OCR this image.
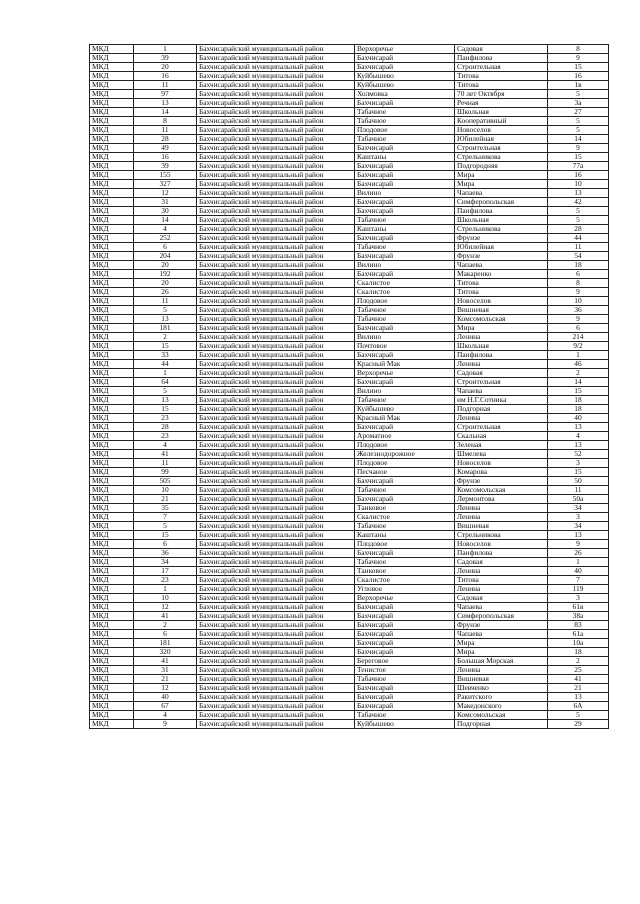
МКД	1	Бахчисарайский муниципальный район	Верхоречье	Садовая	8
МКД	39	Бахчисарайский муниципальный район	Бахчисарай	Панфилова	9
МКД	20	Бахчисарайский муниципальный район	Бахчисарай	Строительная	15
МКД	16	Бахчисарайский муниципальный район	Куйбышево	Титова	16
МКД	11	Бахчисарайский муниципальный район	Куйбышево	Титова	1в
МКД	97	Бахчисарайский муниципальный район	Холмовка	70 лет Октября	5
МКД	13	Бахчисарайский муниципальный район	Бахчисарай	Речная	3а
МКД	14	Бахчисарайский муниципальный район	Табачное	Школьная	27
МКД	8	Бахчисарайский муниципальный район	Табачное	Кооперативный	5
МКД	11	Бахчисарайский муниципальный район	Плодовое	Новоселов	5
МКД	28	Бахчисарайский муниципальный район	Табачное	Юбилейная	14
МКД	49	Бахчисарайский муниципальный район	Бахчисарай	Строительная	9
МКД	16	Бахчисарайский муниципальный район	Каштаны	Стрельникова	15
МКД	39	Бахчисарайский муниципальный район	Бахчисарай	Подгородняя	77а
МКД	155	Бахчисарайский муниципальный район	Бахчисарай	Мира	16
МКД	327	Бахчисарайский муниципальный район	Бахчисарай	Мира	10
МКД	12	Бахчисарайский муниципальный район	Вилино	Чапаева	13
МКД	31	Бахчисарайский муниципальный район	Бахчисарай	Симферопольская	42
МКД	30	Бахчисарайский муниципальный район	Бахчисарай	Панфилова	5
МКД	14	Бахчисарайский муниципальный район	Табачное	Школьная	5
МКД	4	Бахчисарайский муниципальный район	Каштаны	Стрельникова	28
МКД	252	Бахчисарайский муниципальный район	Бахчисарай	Фрунзе	44
МКД	6	Бахчисарайский муниципальный район	Табачное	Юбилейная	11
МКД	204	Бахчисарайский муниципальный район	Бахчисарай	Фрунзе	54
МКД	20	Бахчисарайский муниципальный район	Вилино	Чапаева	18
МКД	192	Бахчисарайский муниципальный район	Бахчисарай	Макаренко	6
МКД	20	Бахчисарайский муниципальный район	Скалистое	Титова	8
МКД	26	Бахчисарайский муниципальный район	Скалистое	Титова	9
МКД	11	Бахчисарайский муниципальный район	Плодовое	Новоселов	10
МКД	5	Бахчисарайский муниципальный район	Табачное	Вишневая	36
МКД	13	Бахчисарайский муниципальный район	Табачное	Комсомольская	9
МКД	181	Бахчисарайский муниципальный район	Бахчисарай	Мира	6
МКД	2	Бахчисарайский муниципальный район	Вилино	Ленина	214
МКД	15	Бахчисарайский муниципальный район	Почтовое	Школьная	9/2
МКД	33	Бахчисарайский муниципальный район	Бахчисарай	Панфилова	1
МКД	44	Бахчисарайский муниципальный район	Красный Мак	Ленина	46
МКД	1	Бахчисарайский муниципальный район	Верхоречье	Садовая	2
МКД	64	Бахчисарайский муниципальный район	Бахчисарай	Строительная	14
МКД	5	Бахчисарайский муниципальный район	Вилино	Чапаева	15
МКД	13	Бахчисарайский муниципальный район	Табачное	им Н.Г.Сотника	18
МКД	15	Бахчисарайский муниципальный район	Куйбышево	Подгорная	18
МКД	23	Бахчисарайский муниципальный район	Красный Мак	Ленина	40
МКД	28	Бахчисарайский муниципальный район	Бахчисарай	Строительная	13
МКД	23	Бахчисарайский муниципальный район	Ароматное	Скальная	4
МКД	4	Бахчисарайский муниципальный район	Плодовое	Зеленая	13
МКД	41	Бахчисарайский муниципальный район	Железнодорожное	Шмелева	52
МКД	11	Бахчисарайский муниципальный район	Плодовое	Новоселов	3
МКД	99	Бахчисарайский муниципальный район	Песчаное	Комарова	15
МКД	505	Бахчисарайский муниципальный район	Бахчисарай	Фрунзе	50
МКД	10	Бахчисарайский муниципальный район	Табачное	Комсомольская	11
МКД	21	Бахчисарайский муниципальный район	Бахчисарай	Лермонтова	50а
МКД	35	Бахчисарайский муниципальный район	Танковое	Ленина	34
МКД	7	Бахчисарайский муниципальный район	Скалистое	Ленина	3
МКД	5	Бахчисарайский муниципальный район	Табачное	Вишневая	34
МКД	15	Бахчисарайский муниципальный район	Каштаны	Стрельникова	13
МКД	6	Бахчисарайский муниципальный район	Плодовое	Новоселов	9
МКД	36	Бахчисарайский муниципальный район	Бахчисарай	Панфилова	26
МКД	34	Бахчисарайский муниципальный район	Табачное	Садовая	1
МКД	17	Бахчисарайский муниципальный район	Танковое	Ленина	40
МКД	23	Бахчисарайский муниципальный район	Скалистое	Титова	7
МКД	1	Бахчисарайский муниципальный район	Угловое	Ленина	119
МКД	10	Бахчисарайский муниципальный район	Верхоречье	Садовая	3
МКД	12	Бахчисарайский муниципальный район	Бахчисарай	Чапаева	61в
МКД	41	Бахчисарайский муниципальный район	Бахчисарай	Симферопольская	38а
МКД	2	Бахчисарайский муниципальный район	Бахчисарай	Фрунзе	83
МКД	6	Бахчисарайский муниципальный район	Бахчисарай	Чапаева	61а
МКД	181	Бахчисарайский муниципальный район	Бахчисарай	Мира	10а
МКД	320	Бахчисарайский муниципальный район	Бахчисарай	Мира	18
МКД	41	Бахчисарайский муниципальный район	Береговое	Большая Морская	2
МКД	31	Бахчисарайский муниципальный район	Тенистое	Ленина	25
МКД	21	Бахчисарайский муниципальный район	Табачное	Вишневая	41
МКД	12	Бахчисарайский муниципальный район	Бахчисарай	Шевченко	21
МКД	40	Бахчисарайский муниципальный район	Бахчисарай	Ракитского	13
МКД	67	Бахчисарайский муниципальный район	Бахчисарай	Македонского	6А
МКД	4	Бахчисарайский муниципальный район	Табачное	Комсомольская	5
МКД	9	Бахчисарайский муниципальный район	Куйбышево	Подгорная	29
